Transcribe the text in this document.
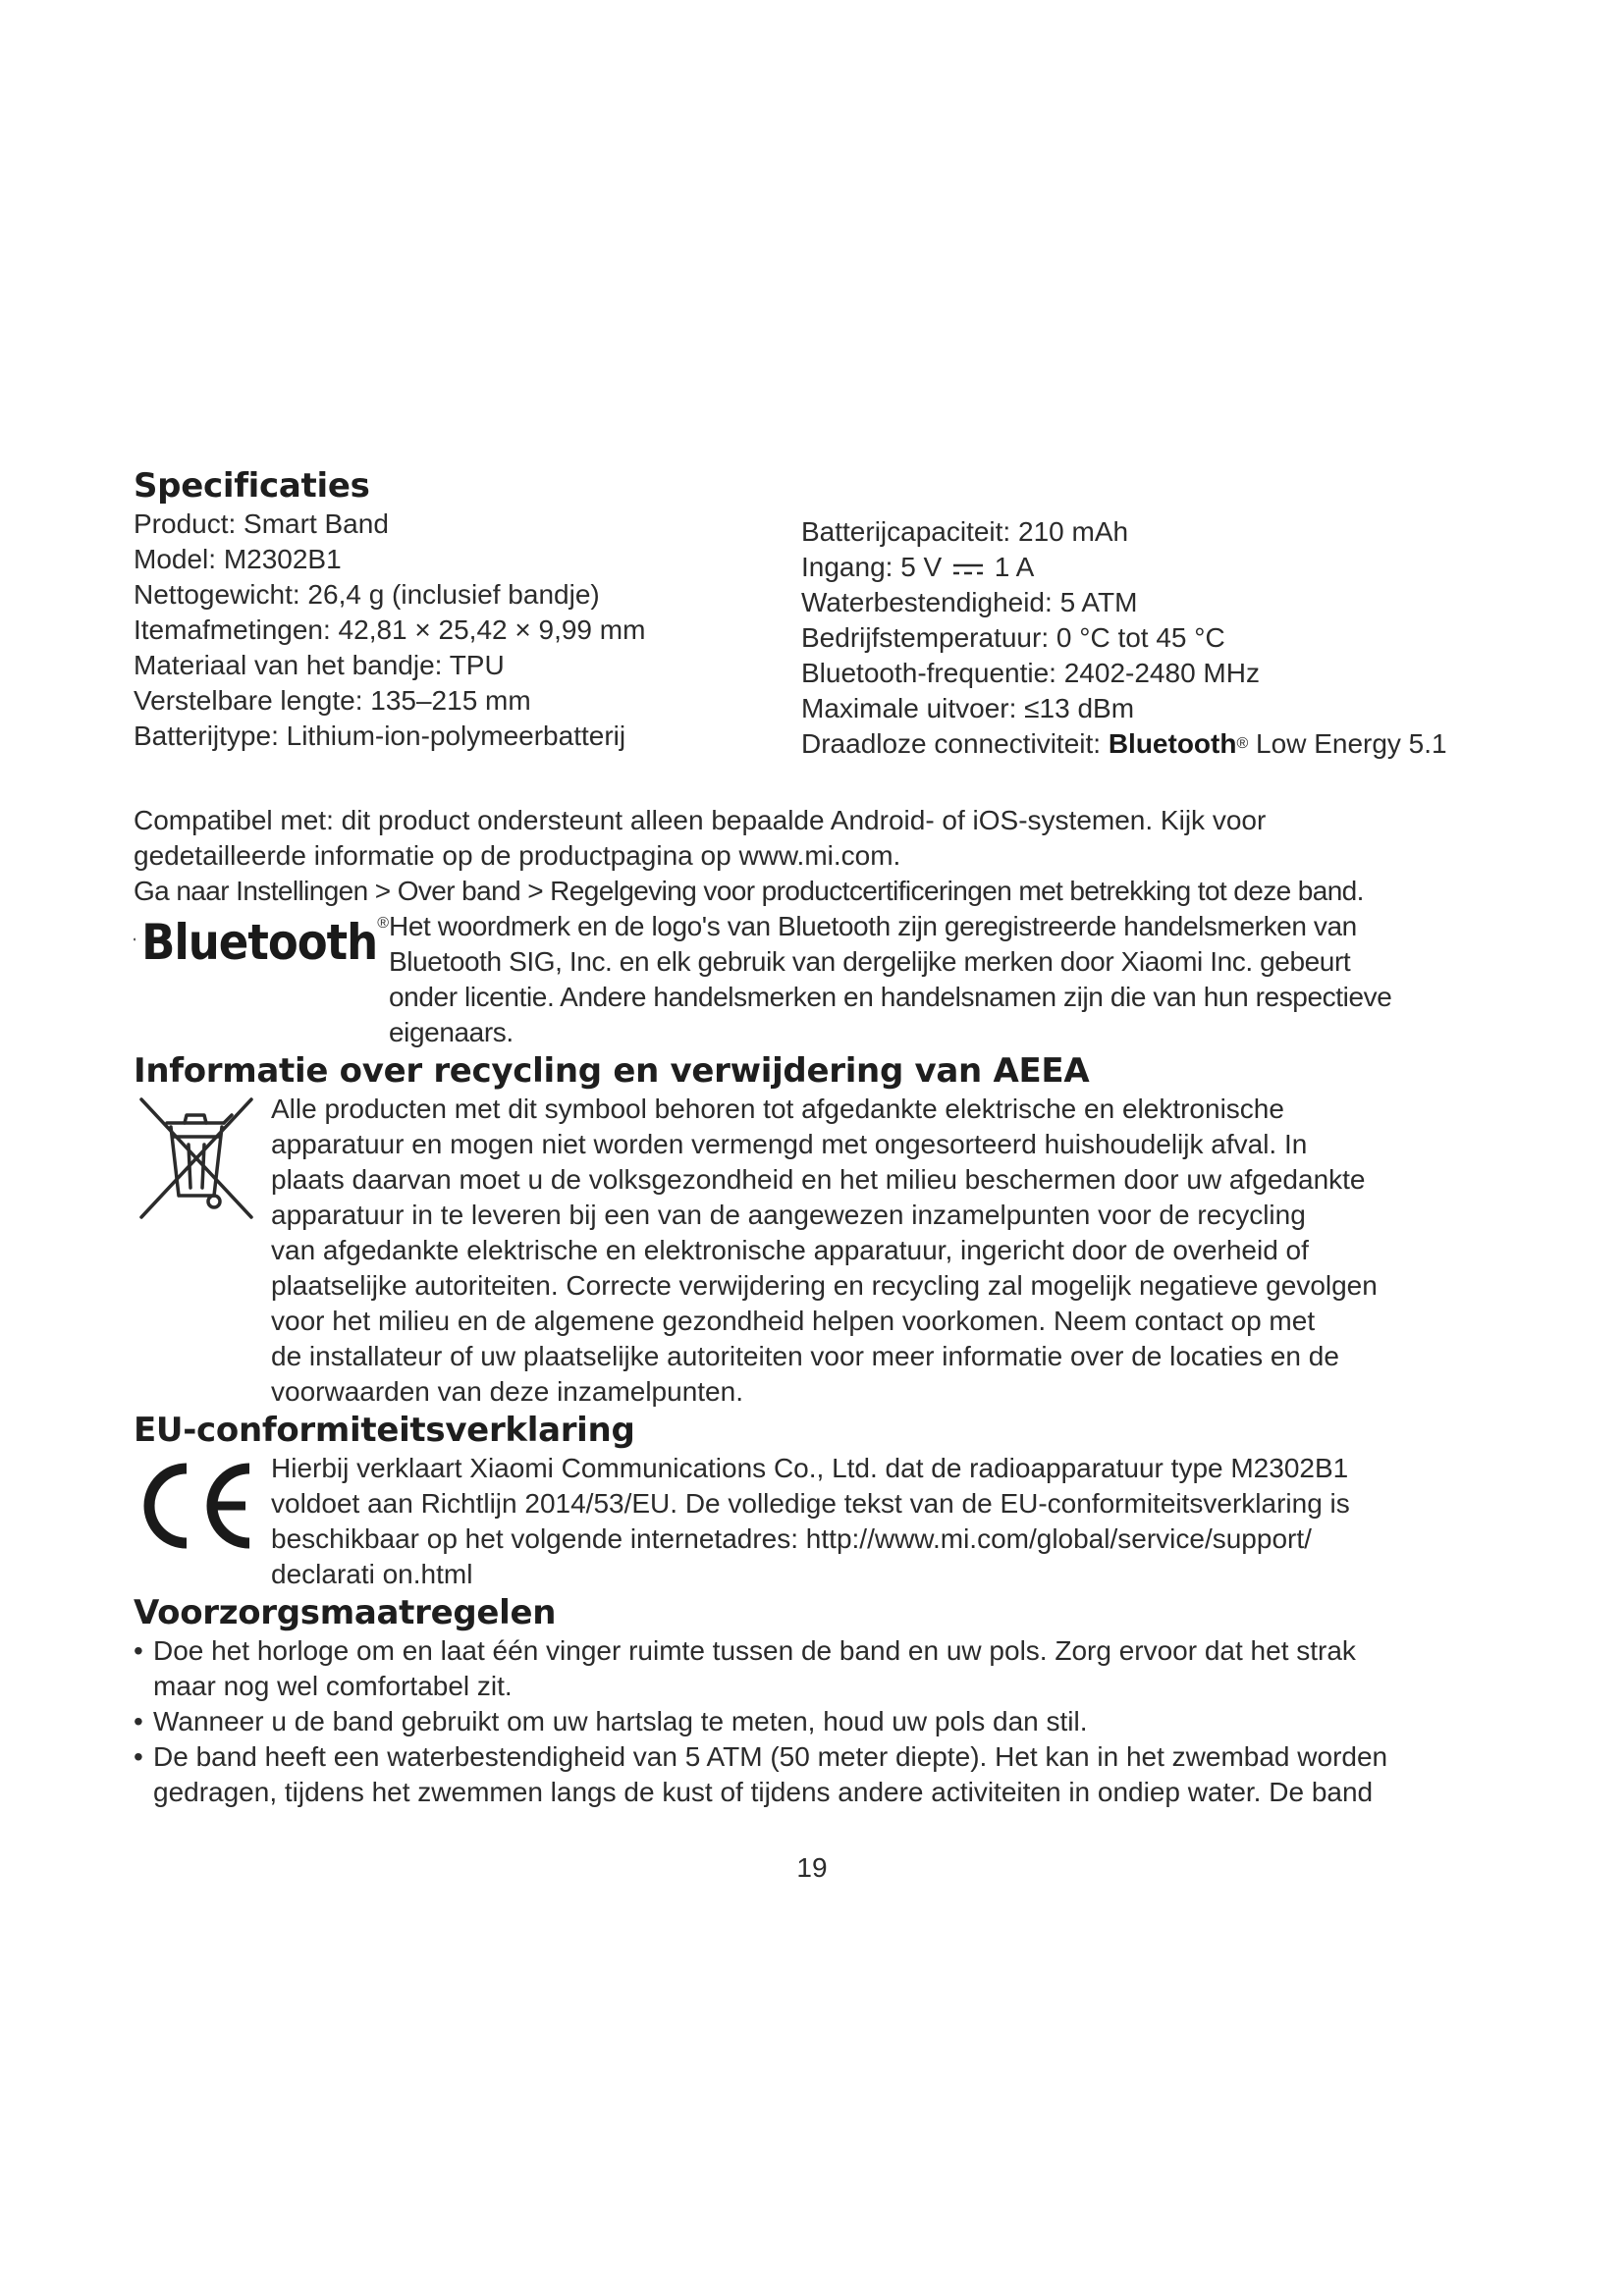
Specificaties

Product: Smart Band

Model: M2302B1

Nettogewicht: 26,4 g (inclusief bandje)

Itemafmetingen: 42,81 × 25,42 × 9,99 mm

Materiaal van het bandje: TPU

Verstelbare lengte: 135–215 mm

Batterijtype: Lithium-ion-polymeerbatterij

Batterijcapaciteit: 210 mAh

Ingang: 5 V 1 A

Waterbestendigheid: 5 ATM

Bedrijfstemperatuur: 0 °C tot 45 °C

Bluetooth-frequentie: 2402-2480 MHz

Maximale uitvoer: ≤13 dBm

Draadloze connectiviteit: Bluetooth® Low Energy 5.1

Compatibel met: dit product ondersteunt alleen bepaalde Android- of iOS-systemen. Kijk voor

gedetailleerde informatie op de productpagina op www.mi.com.

Ga naar Instellingen > Over band > Regelgeving voor productcertificeringen met betrekking tot deze band.

Bluetooth ® Het woordmerk en de logo's van Bluetooth zijn geregistreerde handelsmerken van
Bluetooth SIG, Inc. en elk gebruik van dergelijke merken door Xiaomi Inc. gebeurt
onder licentie. Andere handelsmerken en handelsnamen zijn die van hun respectieve
eigenaars.
Informatie over recycling en verwijdering van AEEA
Alle producten met dit symbool behoren tot afgedankte elektrische en elektronische
apparatuur en mogen niet worden vermengd met ongesorteerd huishoudelijk afval. In
plaats daarvan moet u de volksgezondheid en het milieu beschermen door uw afgedankte
apparatuur in te leveren bij een van de aangewezen inzamelpunten voor de recycling
van afgedankte elektrische en elektronische apparatuur, ingericht door de overheid of
plaatselijke autoriteiten. Correcte verwijdering en recycling zal mogelijk negatieve gevolgen
voor het milieu en de algemene gezondheid helpen voorkomen. Neem contact op met
de installateur of uw plaatselijke autoriteiten voor meer informatie over de locaties en de
voorwaarden van deze inzamelpunten.
EU-conformiteitsverklaring
Hierbij verklaart Xiaomi Communications Co., Ltd. dat de radioapparatuur type M2302B1
voldoet aan Richtlijn 2014/53/EU. De volledige tekst van de EU-conformiteitsverklaring is
beschikbaar op het volgende internetadres: http://www.mi.com/global/service/support/
declarati on.html
Voorzorgsmaatregelen
• Doe het horloge om en laat één vinger ruimte tussen de band en uw pols. Zorg ervoor dat het strak
maar nog wel comfortabel zit.
• Wanneer u de band gebruikt om uw hartslag te meten, houd uw pols dan stil.
• De band heeft een waterbestendigheid van 5 ATM (50 meter diepte). Het kan in het zwembad worden
gedragen, tijdens het zwemmen langs de kust of tijdens andere activiteiten in ondiep water. De band
19
